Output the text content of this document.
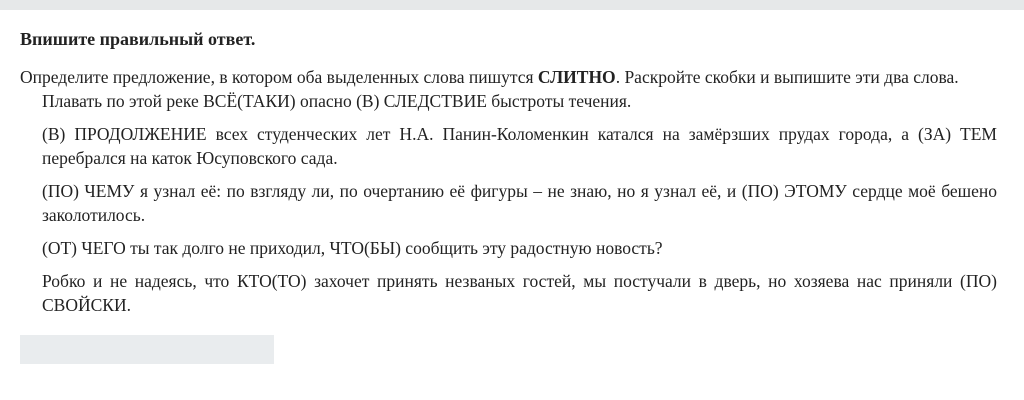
Впишите правильный ответ.
Определите предложение, в котором оба выделенных слова пишутся СЛИТНО. Раскройте скобки и выпишите эти два слова.
Плавать по этой реке ВСЁ(ТАКИ) опасно (В) СЛЕДСТВИЕ быстроты течения.
(В) ПРОДОЛЖЕНИЕ всех студенческих лет Н.А. Панин-Коломенкин катался на замёрзших прудах города, а (ЗА) ТЕМ перебрался на каток Юсуповского сада.
(ПО) ЧЕМУ я узнал её: по взгляду ли, по очертанию её фигуры – не знаю, но я узнал её, и (ПО) ЭТОМУ сердце моё бешено заколотилось.
(ОТ) ЧЕГО ты так долго не приходил, ЧТО(БЫ) сообщить эту радостную новость?
Робко и не надеясь, что КТО(ТО) захочет принять незваных гостей, мы постучали в дверь, но хозяева нас приняли (ПО) СВОЙСКИ.
